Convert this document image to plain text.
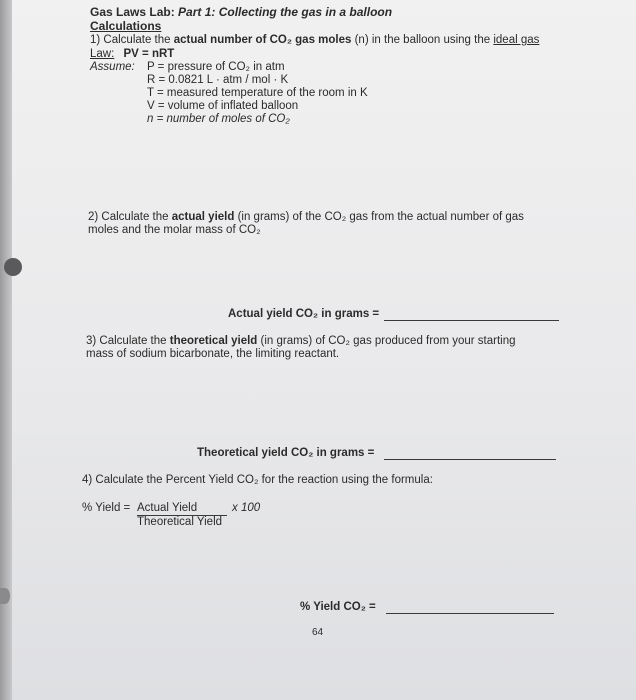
Gas Laws Lab: Part 1: Collecting the gas in a balloon
Calculations
1) Calculate the actual number of CO₂ gas moles (n) in the balloon using the ideal gas
Law: PV = nRT
Assume: P = pressure of CO₂ in atm
R = 0.0821 L · atm / mol · K
T = measured temperature of the room in K
V = volume of inflated balloon
n = number of moles of CO₂
2) Calculate the actual yield (in grams) of the CO₂ gas from the actual number of gas
moles and the molar mass of CO₂
Actual yield CO₂ in grams =
3) Calculate the theoretical yield (in grams) of CO₂ gas produced from your starting
mass of sodium bicarbonate, the limiting reactant.
Theoretical yield CO₂ in grams =
4) Calculate the Percent Yield CO₂ for the reaction using the formula:
% Yield = Actual Yield	x 100
Theoretical Yield
% Yield CO₂ =
64
